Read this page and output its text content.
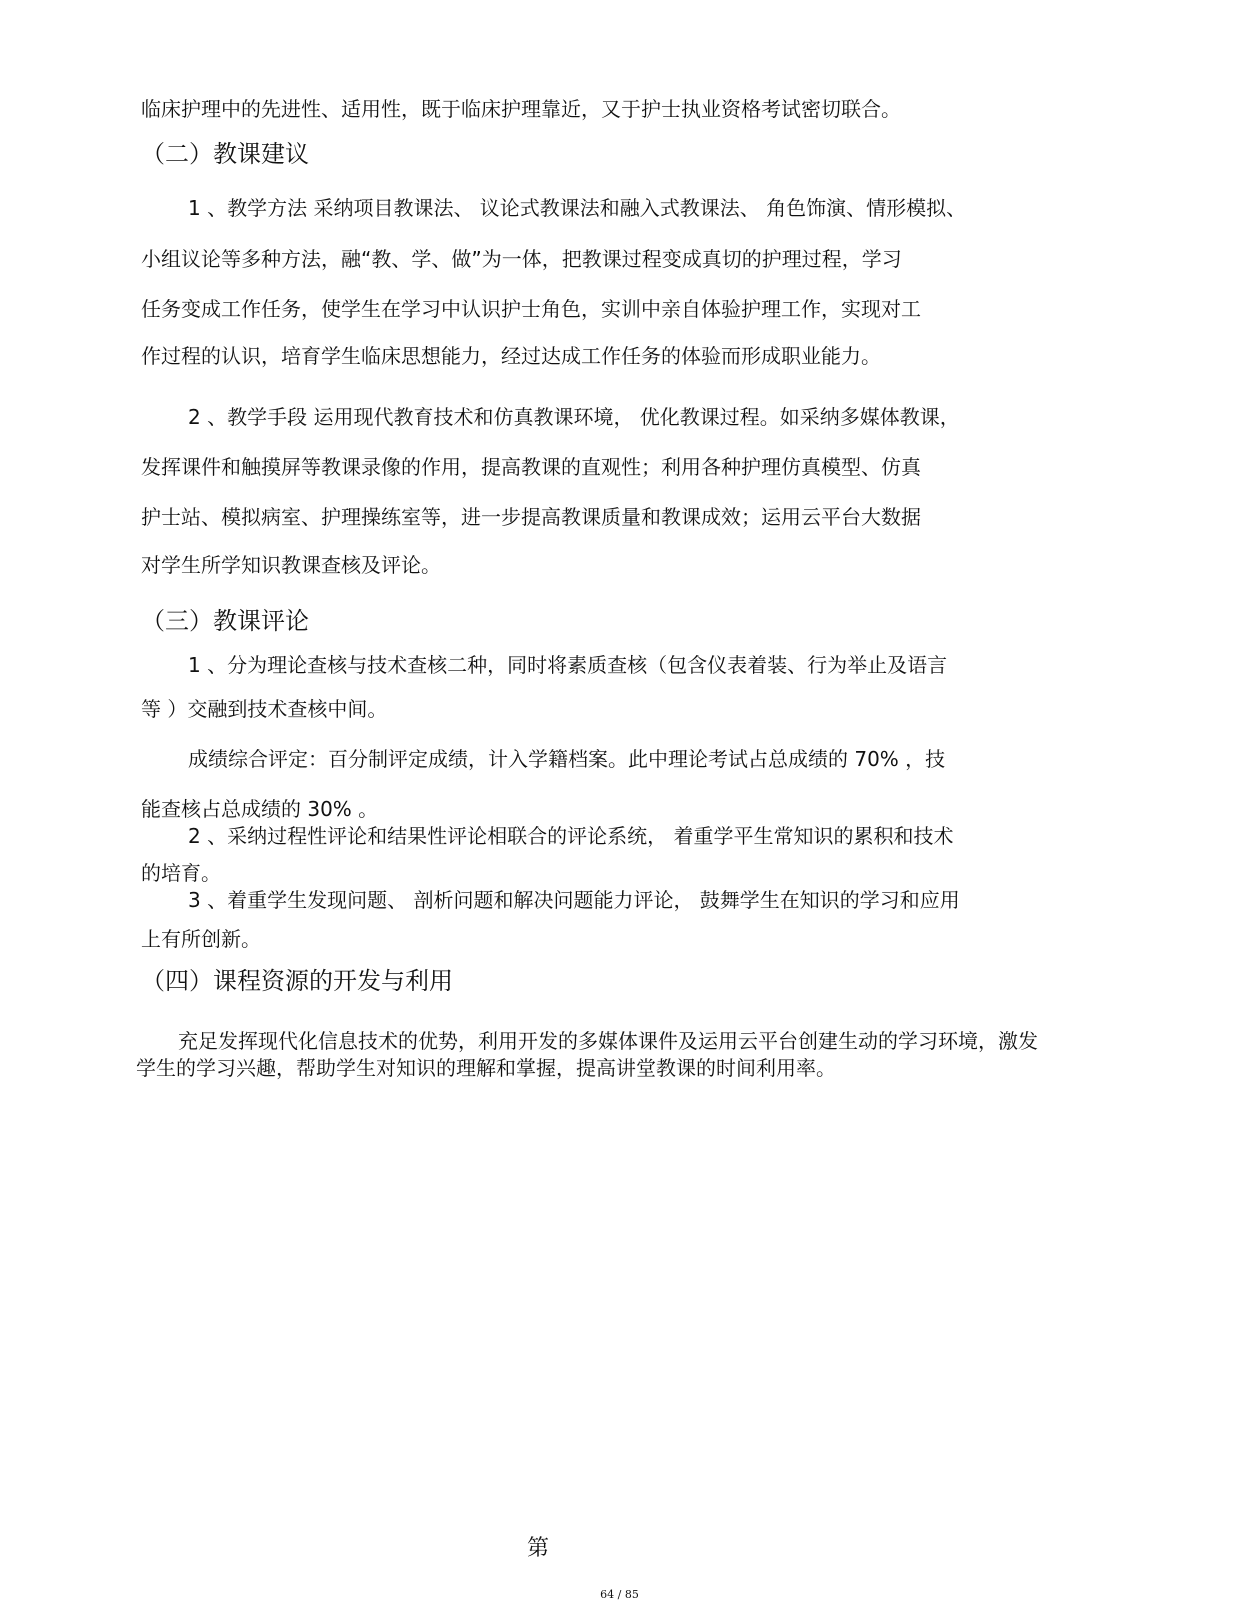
临床护理中的先进性、适用性，既于临床护理靠近，又于护士执业资格考试密切联合。
（二）教课建议
1 、教学方法 采纳项目教课法、 议论式教课法和融入式教课法、 角色饰演、情形模拟、
小组议论等多种方法，融“教、学、做”为一体，把教课过程变成真切的护理过程，学习
任务变成工作任务，使学生在学习中认识护士角色，实训中亲自体验护理工作，实现对工
作过程的认识，培育学生临床思想能力，经过达成工作任务的体验而形成职业能力。
2 、教学手段 运用现代教育技术和仿真教课环境， 优化教课过程。如采纳多媒体教课，
发挥课件和触摸屏等教课录像的作用，提高教课的直观性；利用各种护理仿真模型、仿真
护士站、模拟病室、护理操练室等，进一步提高教课质量和教课成效；运用云平台大数据
对学生所学知识教课查核及评论。
（三）教课评论
1 、分为理论查核与技术查核二种，同时将素质查核（包含仪表着装、行为举止及语言
等 ）交融到技术查核中间。
成绩综合评定：百分制评定成绩，计入学籍档案。此中理论考试占总成绩的 70% ，技
能查核占总成绩的 30% 。
2 、采纳过程性评论和结果性评论相联合的评论系统， 着重学平生常知识的累积和技术
的培育。
3 、着重学生发现问题、 剖析问题和解决问题能力评论， 鼓舞学生在知识的学习和应用
上有所创新。
（四）课程资源的开发与利用
充足发挥现代化信息技术的优势，利用开发的多媒体课件及运用云平台创建生动的学习环境，激发
学生的学习兴趣，帮助学生对知识的理解和掌握，提高讲堂教课的时间利用率。
第
64 / 85
